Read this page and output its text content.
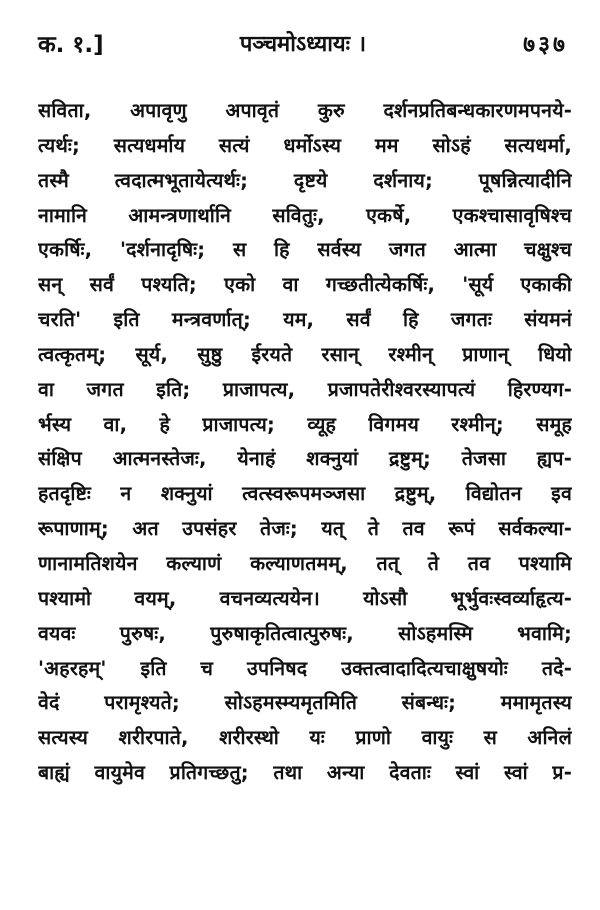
क. १.]	पञ्चमोऽध्यायः ।	७३७
सविता, अपावृणु अपावृतं कुरु दर्शनप्रतिबन्धकारणमपनये-
त्यर्थः; सत्यधर्माय सत्यं धर्मोऽस्य मम सोऽहं सत्यधर्मा,
तस्मै त्वदात्मभूतायेत्यर्थः; दृष्टये दर्शनाय; पूषन्नित्यादीनि
नामानि आमन्त्रणार्थानि सवितुः, एकर्षे, एकश्चासावृषिश्च
एकर्षिः, 'दर्शनादृषिः; स हि सर्वस्य जगत आत्मा चक्षुश्च
सन् सर्वं पश्यति; एको वा गच्छतीत्येकर्षिः, 'सूर्य एकाकी
चरति' इति मन्त्रवर्णात्; यम, सर्वं हि जगतः संयमनं
त्वत्कृतम्; सूर्य, सुष्ठु ईरयते रसान् रश्मीन् प्राणान् धियो
वा जगत इति; प्राजापत्य, प्रजापतेरीश्वरस्यापत्यं हिरण्यग-
र्भस्य वा, हे प्राजापत्य; व्यूह विगमय रश्मीन्; समूह
संक्षिप आत्मनस्तेजः, येनाहं शक्नुयां द्रष्टुम्; तेजसा ह्यप-
हतदृष्टिः न शक्नुयां त्वत्स्वरूपमञ्जसा द्रष्टुम्, विद्योतन इव
रूपाणाम्; अत उपसंहर तेजः; यत् ते तव रूपं सर्वकल्या-
णानामतिशयेन कल्याणं कल्याणतमम्, तत् ते तव पश्यामि
पश्यामो वयम्, वचनव्यत्ययेन। योऽसौ भूर्भुवःस्वर्व्याहृत्य-
वयवः पुरुषः, पुरुषाकृतित्वात्पुरुषः, सोऽहमस्मि भवामि;
'अहरहम्' इति च उपनिषद उक्तत्वादादित्यचाक्षुषयोः तदे-
वेदं परामृश्यते; सोऽहमस्म्यमृतमिति संबन्धः; ममामृतस्य
सत्यस्य शरीरपाते, शरीरस्थो यः प्राणो वायुः स अनिलं
बाह्यं वायुमेव प्रतिगच्छतु; तथा अन्या देवताः स्वां स्वां प्र-
